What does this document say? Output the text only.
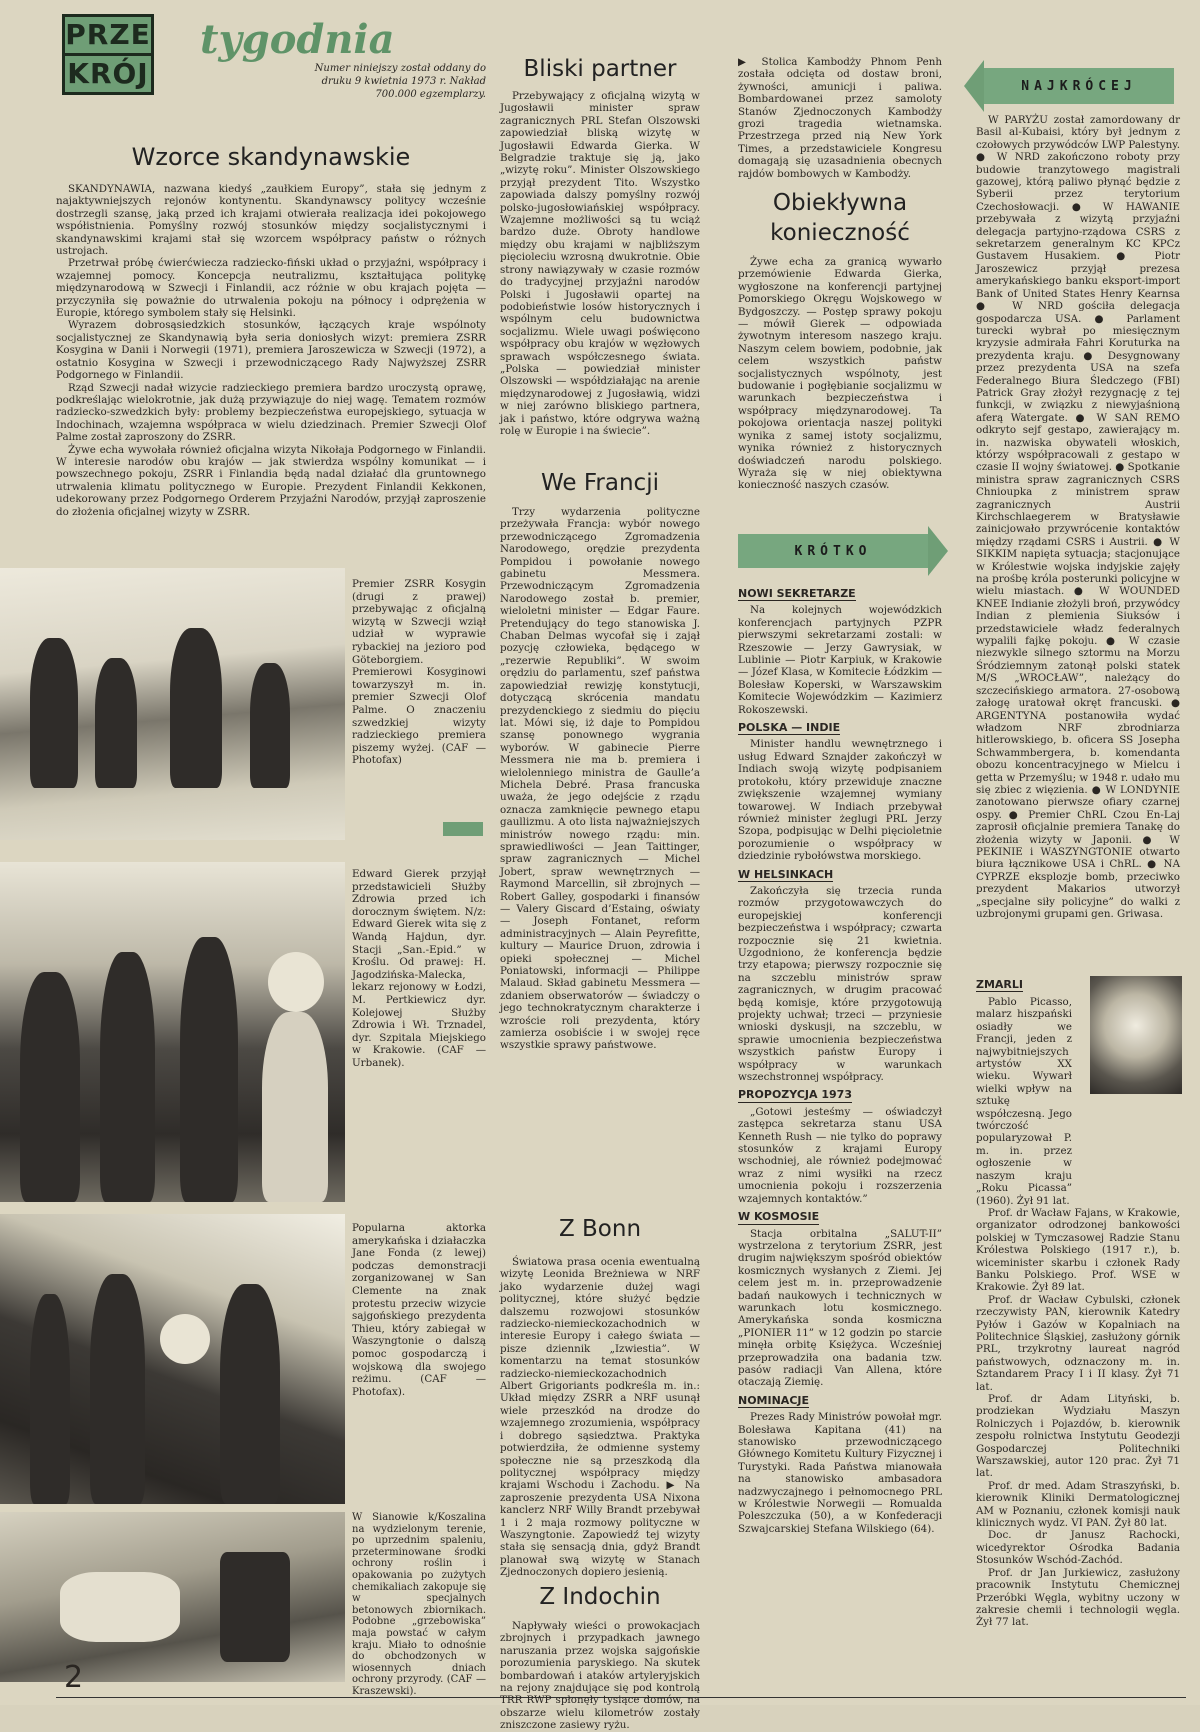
PRZE
KRÓJ
tygodnia
Numer niniejszy został oddany do druku 9 kwietnia 1973 r. Nakład 700.000 egzemplarzy.
Wzorce skandynawskie

SKANDYNAWIA, nazwana kiedyś „zaułkiem Europy”, stała się jednym z najaktywniejszych rejonów kontynentu. Skandynawscy politycy wcześnie dostrzegli szansę, jaką przed ich krajami otwierała realizacja idei pokojowego współistnienia. Pomyślny rozwój stosunków między socjalistycznymi i skandynawskimi krajami stał się wzorcem współpracy państw o różnych ustrojach.

Przetrwał próbę ćwierćwiecza radziecko-fiński układ o przyjaźni, współpracy i wzajemnej pomocy. Koncepcja neutralizmu, kształtująca politykę międzynarodową w Szwecji i Finlandii, acz różnie w obu krajach pojęta — przyczyniła się poważnie do utrwalenia pokoju na północy i odprężenia w Europie, którego symbolem stały się Helsinki.

Wyrazem dobrosąsiedzkich stosunków, łączących kraje wspólnoty socjalistycznej ze Skandynawią była seria doniosłych wizyt: premiera ZSRR Kosygina w Danii i Norwegii (1971), premiera Jaroszewicza w Szwecji (1972), a ostatnio Kosygina w Szwecji i przewodniczącego Rady Najwyższej ZSRR Podgornego w Finlandii.

Rząd Szwecji nadał wizycie radzieckiego premiera bardzo uroczystą oprawę, podkreślając wielokrotnie, jak dużą przywiązuje do niej wagę. Tematem rozmów radziecko-szwedzkich były: problemy bezpieczeństwa europejskiego, sytuacja w Indochinach, wzajemna współpraca w wielu dziedzinach. Premier Szwecji Olof Palme został zaproszony do ZSRR.

Żywe echa wywołała również oficjalna wizyta Nikołaja Podgornego w Finlandii. W interesie narodów obu krajów — jak stwierdza wspólny komunikat — i powszechnego pokoju, ZSRR i Finlandia będą nadal działać dla gruntownego utrwalenia klimatu politycznego w Europie. Prezydent Finlandii Kekkonen, udekorowany przez Podgornego Orderem Przyjaźni Narodów, przyjął zaproszenie do złożenia oficjalnej wizyty w ZSRR.

Premier ZSRR Kosygin (drugi z prawej) przebywając z oficjalną wizytą w Szwecji wziął udział w wyprawie rybackiej na jezioro pod Göteborgiem. Premierowi Kosyginowi towarzyszył m. in. premier Szwecji Olof Palme. O znaczeniu szwedzkiej wizyty radzieckiego premiera piszemy wyżej. (CAF — Photofax)
Edward Gierek przyjął przedstawicieli Służby Zdrowia przed ich dorocznym świętem. N/z: Edward Gierek wita się z Wandą Hajdun, dyr. Stacji „San.-Epid.” w Kroślu. Od prawej: H. Jagodzińska-Malecka, lekarz rejonowy w Łodzi, M. Pertkiewicz dyr. Kolejowej Służby Zdrowia i Wł. Trznadel, dyr. Szpitala Miejskiego w Krakowie. (CAF — Urbanek).
Popularna aktorka amerykańska i działaczka Jane Fonda (z lewej) podczas demonstracji zorganizowanej w San Clemente na znak protestu przeciw wizycie sajgońskiego prezydenta Thieu, który zabiegał w Waszyngtonie o dalszą pomoc gospodarczą i wojskową dla swojego reżimu. (CAF — Photofax).
W Sianowie k/Koszalina na wydzielonym terenie, po uprzednim spaleniu, przeterminowane środki ochrony roślin i opakowania po zużytych chemikaliach zakopuje się w specjalnych betonowych zbiornikach. Podobne „grzebowiska” maja powstać w całym kraju. Miało to odnośnie do obchodzonych w wiosennych dniach ochrony przyrody. (CAF — Kraszewski).
2
Bliski partner
Przebywający z oficjalną wizytą w Jugosławii minister spraw zagranicznych PRL Stefan Olszowski zapowiedział bliską wizytę w Jugosławii Edwarda Gierka. W Belgradzie traktuje się ją, jako „wizytę roku”. Minister Olszowskiego przyjął prezydent Tito. Wszystko zapowiada dalszy pomyślny rozwój polsko-jugosłowiańskiej współpracy. Wzajemne możliwości są tu wciąż bardzo duże. Obroty handlowe między obu krajami w najbliższym pięcioleciu wzrosną dwukrotnie. Obie strony nawiązywały w czasie rozmów do tradycyjnej przyjaźni narodów Polski i Jugosławii opartej na podobieństwie losów historycznych i wspólnym celu budownictwa socjalizmu. Wiele uwagi poświęcono współpracy obu krajów w węzłowych sprawach współczesnego świata. „Polska — powiedział minister Olszowski — współdziałając na arenie międzynarodowej z Jugosławią, widzi w niej zarówno bliskiego partnera, jak i państwo, które odgrywa ważną rolę w Europie i na świecie”.
We Francji
Trzy wydarzenia polityczne przeżywała Francja: wybór nowego przewodniczącego Zgromadzenia Narodowego, orędzie prezydenta Pompidou i powołanie nowego gabinetu Messmera. Przewodniczącym Zgromadzenia Narodowego został b. premier, wieloletni minister — Edgar Faure. Pretendujący do tego stanowiska J. Chaban Delmas wycofał się i zajął pozycję człowieka, będącego w „rezerwie Republiki”. W swoim orędziu do parlamentu, szef państwa zapowiedział rewizję konstytucji, dotyczącą skrócenia mandatu prezydenckiego z siedmiu do pięciu lat. Mówi się, iż daje to Pompidou szansę ponownego wygrania wyborów. W gabinecie Pierre Messmera nie ma b. premiera i wielolenniego ministra de Gaulle’a Michela Debré. Prasa francuska uważa, że jego odejście z rządu oznacza zamknięcie pewnego etapu gaullizmu. A oto lista najważniejszych ministrów nowego rządu: min. sprawiedliwości — Jean Taittinger, spraw zagranicznych — Michel Jobert, spraw wewnętrznych — Raymond Marcellin, sił zbrojnych — Robert Galley, gospodarki i finansów — Valery Giscard d’Estaing, oświaty — Joseph Fontanet, reform administracyjnych — Alain Peyrefitte, kultury — Maurice Druon, zdrowia i opieki społecznej — Michel Poniatowski, informacji — Philippe Malaud. Skład gabinetu Messmera — zdaniem obserwatorów — świadczy o jego technokratycznym charakterze i wzroście roli prezydenta, który zamierza osobiście i w swojej ręce wszystkie sprawy państwowe.
Z Bonn
Światowa prasa ocenia ewentualną wizytę Leonida Breżniewa w NRF jako wydarzenie dużej wagi politycznej, które służyć będzie dalszemu rozwojowi stosunków radziecko-niemieckozachodnich w interesie Europy i całego świata — pisze dziennik „Izwiestia”. W komentarzu na temat stosunków radziecko-niemieckozachodnich Albert Grigoriants podkreśla m. in.: Układ między ZSRR a NRF usunął wiele przeszkód na drodze do wzajemnego zrozumienia, współpracy i dobrego sąsiedztwa. Praktyka potwierdziła, że odmienne systemy społeczne nie są przeszkodą dla politycznej współpracy między krajami Wschodu i Zachodu. ▶ Na zaproszenie prezydenta USA Nixona kanclerz NRF Willy Brandt przebywał 1 i 2 maja rozmowy polityczne w Waszyngtonie. Zapowiedź tej wizyty stała się sensacją dnia, gdyż Brandt planował swą wizytę w Stanach Zjednoczonych dopiero jesienią.
Z Indochin
Napływały wieści o prowokacjach zbrojnych i przypadkach jawnego naruszania przez wojska sajgońskie porozumienia paryskiego. Na skutek bombardowań i ataków artyleryjskich na rejony znajdujące się pod kontrolą TRR RWP spłonęły tysiące domów, na obszarze wielu kilometrów zostały zniszczone zasiewy ryżu.
▶ Stolica Kambodży Phnom Penh została odcięta od dostaw broni, żywności, amunicji i paliwa. Bombardowanei przez samoloty Stanów Zjednoczonych Kambodży grozi tragedia wietnamska. Przestrzega przed nią New York Times, a przedstawiciele Kongresu domagają się uzasadnienia obecnych rajdów bombowych w Kambodży.
Obiekływna konieczność
Żywe echa za granicą wywarło przemówienie Edwarda Gierka, wygłoszone na konferencji partyjnej Pomorskiego Okręgu Wojskowego w Bydgoszczy. — Postęp sprawy pokoju — mówił Gierek — odpowiada żywotnym interesom naszego kraju. Naszym celem bowiem, podobnie, jak celem wszystkich państw socjalistycznych wspólnoty, jest budowanie i pogłębianie socjalizmu w warunkach bezpieczeństwa i współpracy międzynarodowej. Ta pokojowa orientacja naszej polityki wynika z samej istoty socjalizmu, wynika również z historycznych doświadczeń narodu polskiego. Wyraża się w niej obiektywna konieczność naszych czasów.
KRÓTKO
NOWI SEKRETARZE
Na kolejnych wojewódzkich konferencjach partyjnych PZPR pierwszymi sekretarzami zostali: w Rzeszowie — Jerzy Gawrysiak, w Lublinie — Piotr Karpiuk, w Krakowie — Józef Klasa, w Komitecie Łódzkim — Bolesław Koperski, w Warszawskim Komitecie Wojewódzkim — Kazimierz Rokoszewski.
POLSKA — INDIE
Minister handlu wewnętrznego i usług Edward Sznajder zakończył w Indiach swoją wizytę podpisaniem protokołu, który przewiduje znaczne zwiększenie wzajemnej wymiany towarowej. W Indiach przebywał również minister żeglugi PRL Jerzy Szopa, podpisując w Delhi pięcioletnie porozumienie o współpracy w dziedzinie rybołówstwa morskiego.
W HELSINKACH
Zakończyła się trzecia runda rozmów przygotowawczych do europejskiej konferencji bezpieczeństwa i współpracy; czwarta rozpocznie się 21 kwietnia. Uzgodniono, że konferencja będzie trzy etapowa; pierwszy rozpocznie się na szczeblu ministrów spraw zagranicznych, w drugim pracować będą komisje, które przygotowują projekty uchwał; trzeci — przyniesie wnioski dyskusji, na szczeblu, w sprawie umocnienia bezpieczeństwa wszystkich państw Europy i współpracy w warunkach wszechstronnej współpracy.
PROPOZYCJA 1973
„Gotowi jesteśmy — oświadczył zastępca sekretarza stanu USA Kenneth Rush — nie tylko do poprawy stosunków z krajami Europy wschodniej, ale również podejmować wraz z nimi wysiłki na rzecz umocnienia pokoju i rozszerzenia wzajemnych kontaktów.”
W KOSMOSIE
Stacja orbitalna „SALUT-II” wystrzelona z terytorium ZSRR, jest drugim największym spośród obiektów kosmicznych wysłanych z Ziemi. Jej celem jest m. in. przeprowadzenie badań naukowych i technicznych w warunkach lotu kosmicznego. Amerykańska sonda kosmiczna „PIONIER 11” w 12 godzin po starcie minęła orbitę Księżyca. Wcześniej przeprowadziła ona badania tzw. pasów radiacji Van Allena, które otaczają Ziemię.
NOMINACJE
Prezes Rady Ministrów powołał mgr. Bolesława Kapitana (41) na stanowisko przewodniczącego Głównego Komitetu Kultury Fizycznej i Turystyki. Rada Państwa mianowała na stanowisko ambasadora nadzwyczajnego i pełnomocnego PRL w Królestwie Norwegii — Romualda Poleszczuka (50), a w Konfederacji Szwajcarskiej Stefana Wilskiego (64).
NAJKRÓCEJ
W PARYŻU został zamordowany dr Basil al-Kubaisi, który był jednym z czołowych przywódców LWP Palestyny. ● W NRD zakończono roboty przy budowie tranzytowego magistrali gazowej, którą paliwo płynąć będzie z Syberii przez terytorium Czechosłowacji. ● W HAWANIE przebywała z wizytą przyjaźni delegacja partyjno-rządowa CSRS z sekretarzem generalnym KC KPCz Gustavem Husakiem. ● Piotr Jaroszewicz przyjął prezesa amerykańskiego banku eksport-import Bank of United States Henry Kearnsa ● W NRD gościła delegacja gospodarcza USA. ● Parlament turecki wybrał po miesięcznym kryzysie admirała Fahri Koruturka na prezydenta kraju. ● Desygnowany przez prezydenta USA na szefa Federalnego Biura Śledczego (FBI) Patrick Gray złożył rezygnację z tej funkcji, w związku z niewyjaśnioną aferą Watergate. ● W SAN REMO odkryto sejf gestapo, zawierający m. in. nazwiska obywateli włoskich, którzy współpracowali z gestapo w czasie II wojny światowej. ● Spotkanie ministra spraw zagranicznych CSRS Chnioupka z ministrem spraw zagranicznych Austrii Kirchschlaegerem w Bratysławie zainicjowało przywrócenie kontaktów między rządami CSRS i Austrii. ● W SIKKIM napięta sytuacja; stacjonujące w Królestwie wojska indyjskie zajęły na prośbę króla posterunki policyjne w wielu miastach. ● W WOUNDED KNEE Indianie złożyli broń, przywódcy Indian z plemienia Siuksów i przedstawiciele władz federalnych wypalili fajkę pokoju. ● W czasie niezwykle silnego sztormu na Morzu Śródziemnym zatonął polski statek M/S „WROCŁAW”, należący do szczecińskiego armatora. 27-osobową załogę uratował okręt francuski. ● ARGENTYNA postanowiła wydać władzom NRF zbrodniarza hitlerowskiego, b. oficera SS Josepha Schwammbergera, b. komendanta obozu koncentracyjnego w Mielcu i getta w Przemyślu; w 1948 r. udało mu się zbiec z więzienia. ● W LONDYNIE zanotowano pierwsze ofiary czarnej ospy. ● Premier ChRL Czou En-Laj zaprosił oficjalnie premiera Tanakę do złożenia wizyty w Japonii. ● W PEKINIE i WASZYNGTONIE otwarto biura łącznikowe USA i ChRL. ● NA CYPRZE eksplozje bomb, przeciwko prezydent Makarios utworzył „specjalne siły policyjne” do walki z uzbrojonymi grupami gen. Griwasa.
ZMARLI
Pablo Picasso, malarz hiszpański osiadły we Francji, jeden z najwybitniejszych artystów XX wieku. Wywarł wielki wpływ na sztukę współczesną. Jego twórczość popularyzował P. m. in. przez ogłoszenie w naszym kraju „Roku Picassa” (1960). Żył 91 lat.
Prof. dr Wacław Fajans, w Krakowie, organizator odrodzonej bankowości polskiej w Tymczasowej Radzie Stanu Królestwa Polskiego (1917 r.), b. wiceminister skarbu i członek Rady Banku Polskiego. Prof. WSE w Krakowie. Żył 89 lat.
Prof. dr Wacław Cybulski, członek rzeczywisty PAN, kierownik Katedry Pyłów i Gazów w Kopalniach na Politechnice Śląskiej, zasłużony górnik PRL, trzykrotny laureat nagród państwowych, odznaczony m. in. Sztandarem Pracy I i II klasy. Żył 71 lat.
Prof. dr Adam Lityński, b. prodziekan Wydziału Maszyn Rolniczych i Pojazdów, b. kierownik zespołu rolnictwa Instytutu Geodezji Gospodarczej Politechniki Warszawskiej, autor 120 prac. Żył 71 lat.
Prof. dr med. Adam Straszyński, b. kierownik Kliniki Dermatologicznej AM w Poznaniu, członek komisji nauk klinicznych wydz. VI PAN. Żył 80 lat.
Doc. dr Janusz Rachocki, wicedyrektor Ośrodka Badania Stosunków Wschód-Zachód.
Prof. dr Jan Jurkiewicz, zasłużony pracownik Instytutu Chemicznej Przeróbki Węgla, wybitny uczony w zakresie chemii i technologii węgla. Żył 77 lat.
